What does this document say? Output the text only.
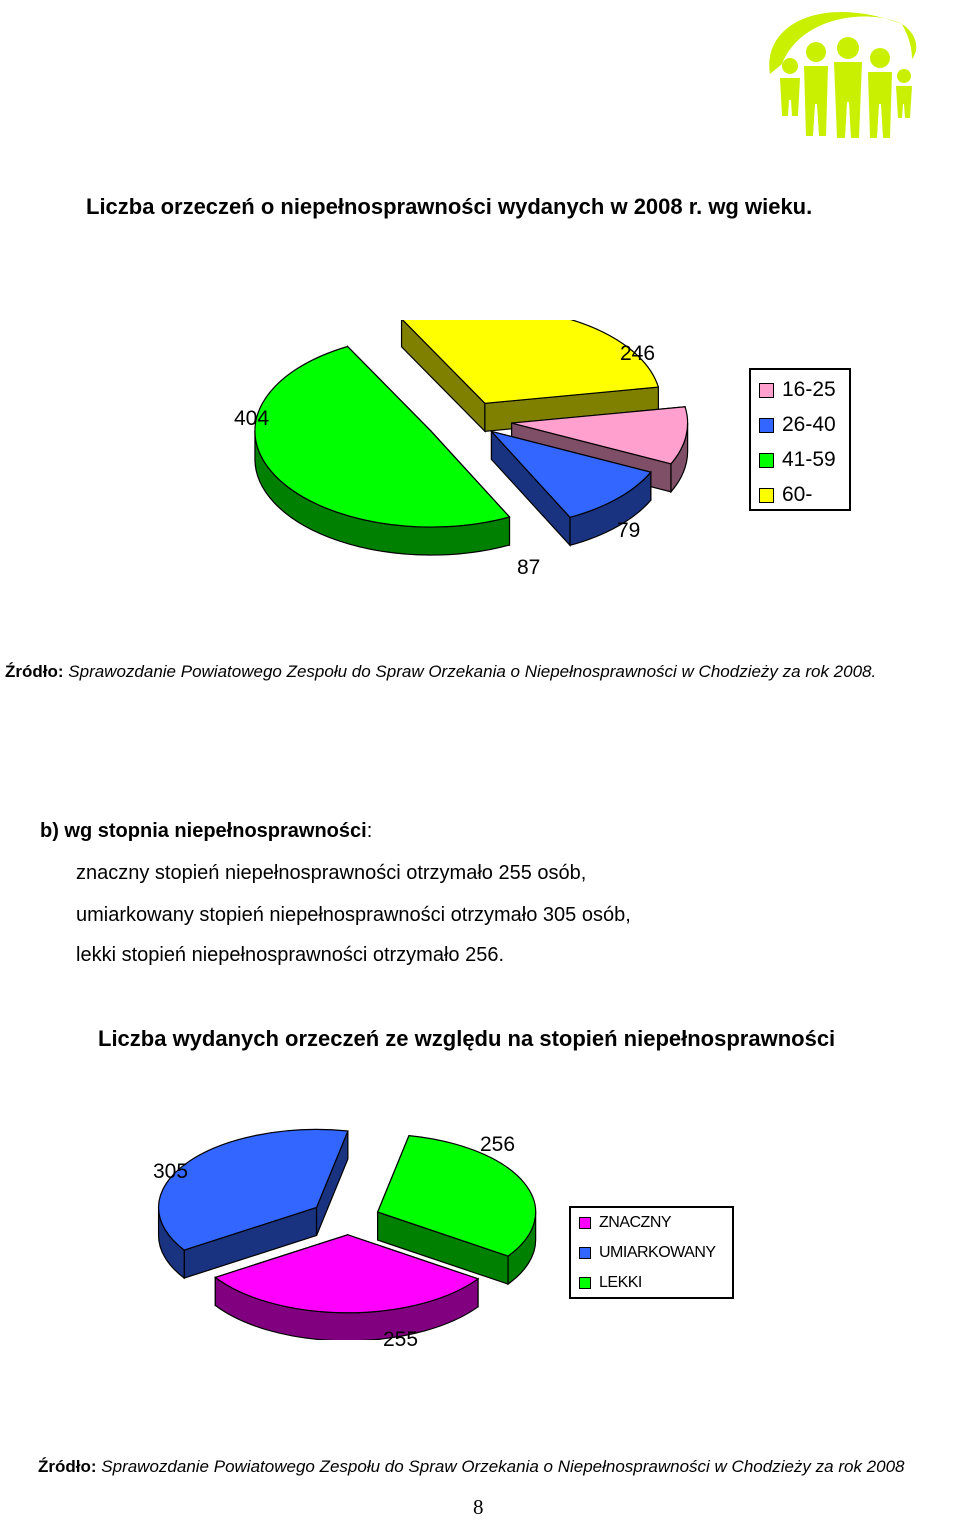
Liczba orzeczeń o niepełnosprawności wydanych w 2008 r. wg wieku.
404
246
79
87
16-25
26-40
41-59
60-
Źródło: Sprawozdanie Powiatowego Zespołu do Spraw Orzekania o Niepełnosprawności w Chodzieży za rok 2008.
b) wg stopnia niepełnosprawności:
znaczny stopień niepełnosprawności otrzymało 255 osób,
umiarkowany stopień niepełnosprawności otrzymało 305 osób,
lekki stopień niepełnosprawności otrzymało 256.
Liczba wydanych orzeczeń ze względu na stopień niepełnosprawności
305
256
255
ZNACZNY
UMIARKOWANY
LEKKI
Źródło: Sprawozdanie Powiatowego Zespołu do Spraw Orzekania o Niepełnosprawności w Chodzieży za rok 2008
8
